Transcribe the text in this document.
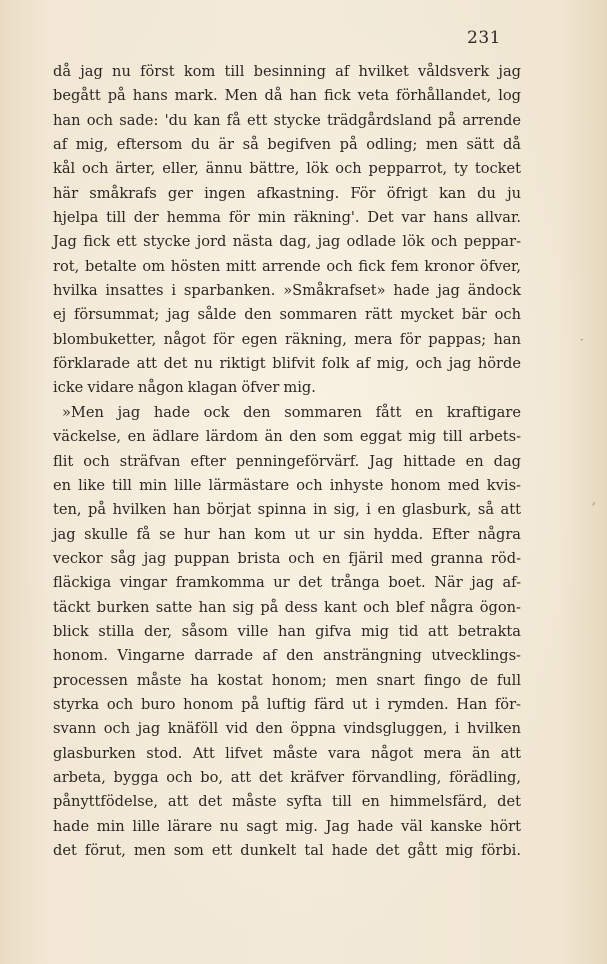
231
·
,
då jag nu först kom till besinning af hvilket våldsverk jag
begått på hans mark. Men då han fick veta förhållandet, log
han och sade: 'du kan få ett stycke trädgårdsland på arrende
af mig, eftersom du är så begifven på odling; men sätt då
kål och ärter, eller, ännu bättre, lök och pepparrot, ty tocket
här småkrafs ger ingen afkastning. För öfrigt kan du ju
hjelpa till der hemma för min räkning'. Det var hans allvar.
Jag fick ett stycke jord nästa dag, jag odlade lök och peppar-
rot, betalte om hösten mitt arrende och fick fem kronor öfver,
hvilka insattes i sparbanken. »Småkrafset» hade jag ändock
ej försummat; jag sålde den sommaren rätt mycket bär och
blombuketter, något för egen räkning, mera för pappas; han
förklarade att det nu riktigt blifvit folk af mig, och jag hörde
icke vidare någon klagan öfver mig.
»Men jag hade ock den sommaren fått en kraftigare
väckelse, en ädlare lärdom än den som eggat mig till arbets-
flit och sträfvan efter penningeförvärf. Jag hittade en dag
en like till min lille lärmästare och inhyste honom med kvis-
ten, på hvilken han börjat spinna in sig, i en glasburk, så att
jag skulle få se hur han kom ut ur sin hydda. Efter några
veckor såg jag puppan brista och en fjäril med granna röd-
fläckiga vingar framkomma ur det trånga boet. När jag af-
täckt burken satte han sig på dess kant och blef några ögon-
blick stilla der, såsom ville han gifva mig tid att betrakta
honom. Vingarne darrade af den ansträngning utvecklings-
processen måste ha kostat honom; men snart fingo de full
styrka och buro honom på luftig färd ut i rymden. Han för-
svann och jag knäföll vid den öppna vindsgluggen, i hvilken
glasburken stod. Att lifvet måste vara något mera än att
arbeta, bygga och bo, att det kräfver förvandling, förädling,
pånyttfödelse, att det måste syfta till en himmelsfärd, det
hade min lille lärare nu sagt mig. Jag hade väl kanske hört
det förut, men som ett dunkelt tal hade det gått mig förbi.
